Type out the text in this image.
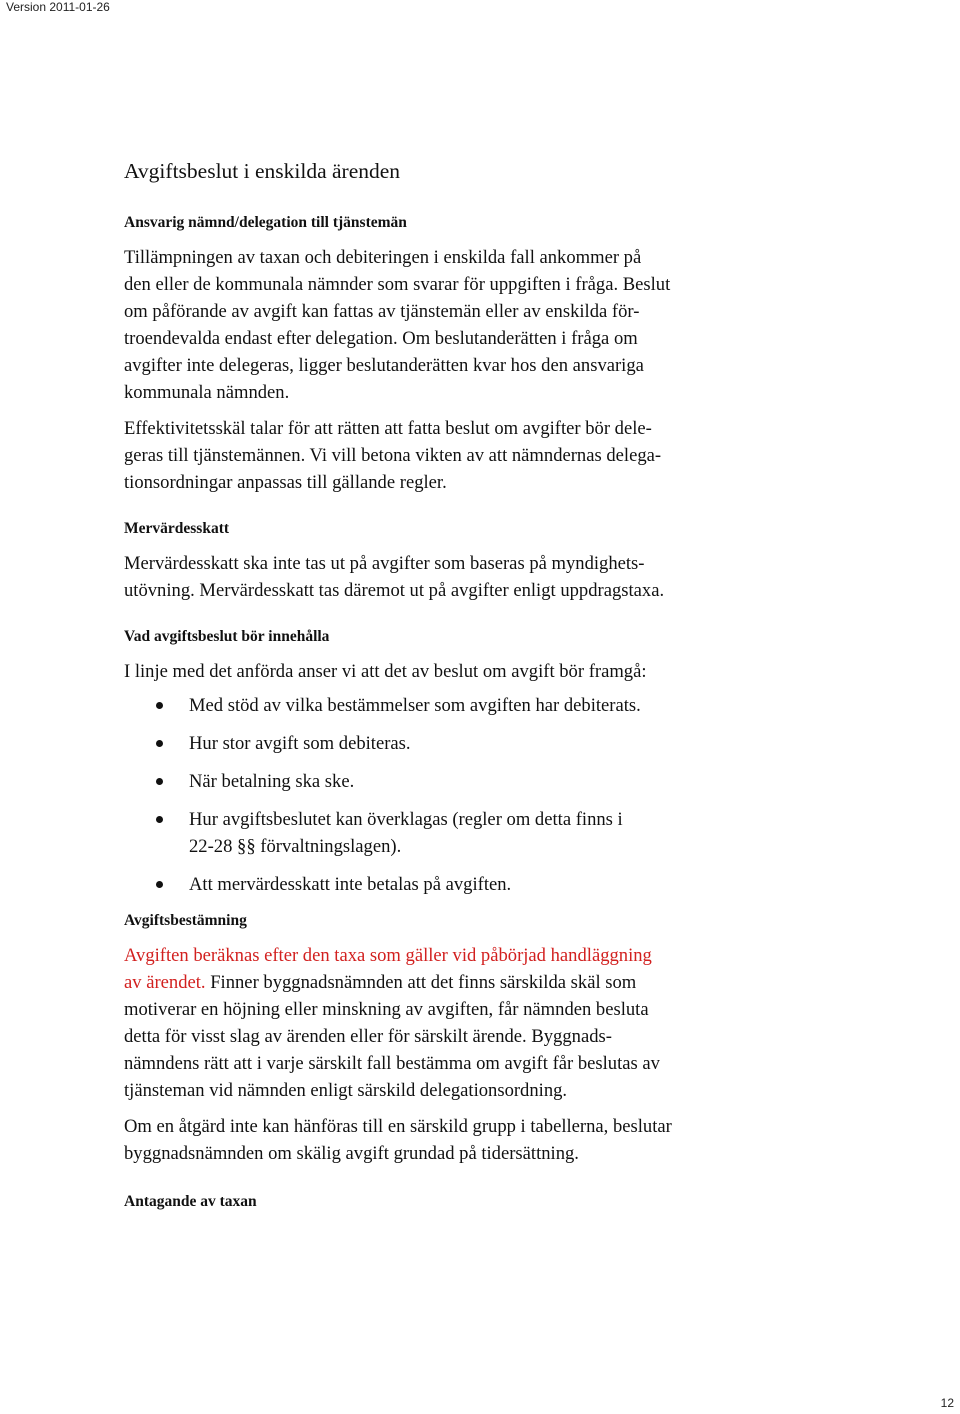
Version 2011-01-26
Avgiftsbeslut i enskilda ärenden
Ansvarig nämnd/delegation till tjänstemän

Tillämpningen av taxan och debiteringen i enskilda fall ankommer på
den eller de kommunala nämnder som svarar för uppgiften i fråga. Beslut
om påförande av avgift kan fattas av tjänstemän eller av enskilda för-
troendevalda endast efter delegation. Om beslutanderätten i fråga om
avgifter inte delegeras, ligger beslutanderätten kvar hos den ansvariga
kommunala nämnden.

Effektivitetsskäl talar för att rätten att fatta beslut om avgifter bör dele-
geras till tjänstemännen. Vi vill betona vikten av att nämndernas delega-
tionsordningar anpassas till gällande regler.

Mervärdesskatt

Mervärdesskatt ska inte tas ut på avgifter som baseras på myndighets-
utövning. Mervärdesskatt tas däremot ut på avgifter enligt uppdragstaxa.

Vad avgiftsbeslut bör innehålla

I linje med det anförda anser vi att det av beslut om avgift bör framgå:

Med stöd av vilka bestämmelser som avgiften har debiterats.
Hur stor avgift som debiteras.
När betalning ska ske.
Hur avgiftsbeslutet kan överklagas (regler om detta finns i
22-28 §§ förvaltningslagen).
Att mervärdesskatt inte betalas på avgiften.
Avgiftsbestämning

Avgiften beräknas efter den taxa som gäller vid påbörjad handläggning
av ärendet. Finner byggnadsnämnden att det finns särskilda skäl som
motiverar en höjning eller minskning av avgiften, får nämnden besluta
detta för visst slag av ärenden eller för särskilt ärende. Byggnads-
nämndens rätt att i varje särskilt fall bestämma om avgift får beslutas av
tjänsteman vid nämnden enligt särskild delegationsordning.

Om en åtgärd inte kan hänföras till en särskild grupp i tabellerna, beslutar
byggnadsnämnden om skälig avgift grundad på tidersättning.

Antagande av taxan
12
